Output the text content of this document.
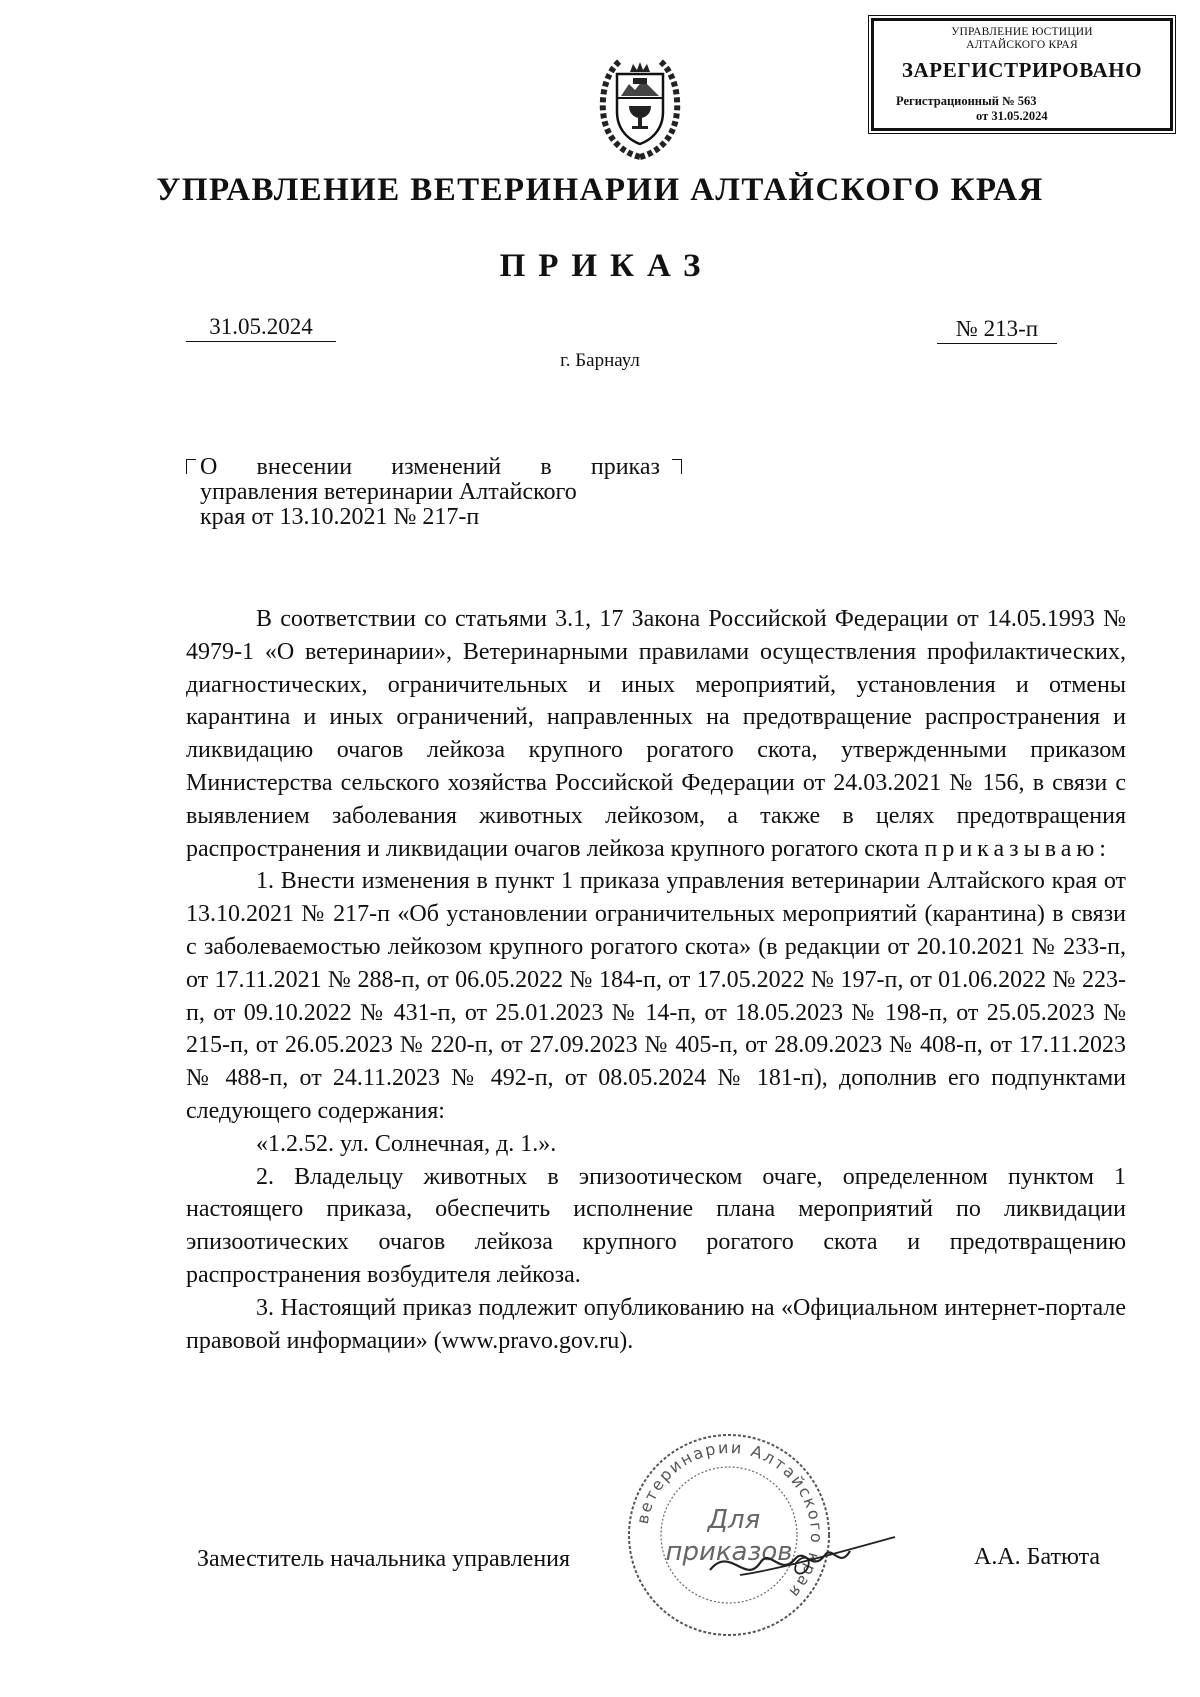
УПРАВЛЕНИЕ ЮСТИЦИИ
АЛТАЙСКОГО КРАЯ
ЗАРЕГИСТРИРОВАНО
Регистрационный № 563
от 31.05.2024
УПРАВЛЕНИЕ ВЕТЕРИНАРИИ АЛТАЙСКОГО КРАЯ
ПРИКАЗ
31.05.2024	№ 213-п
г. Барнаул
О внесении изменений в приказ
управления ветеринарии Алтайского
края от 13.10.2021 № 217-п

В соответствии со статьями 3.1, 17 Закона Российской Федерации от 14.05.1993 № 4979-1 «О ветеринарии», Ветеринарными правилами осуществления профилактических, диагностических, ограничительных и иных мероприятий, установления и отмены карантина и иных ограничений, направленных на предотвращение распространения и ликвидацию очагов лейкоза крупного рогатого скота, утвержденными приказом Министерства сельского хозяйства Российской Федерации от 24.03.2021 № 156, в связи с выявлением заболевания животных лейкозом, а также в целях предотвращения распространения и ликвидации очагов лейкоза крупного рогатого скота приказываю:

1. Внести изменения в пункт 1 приказа управления ветеринарии Алтайского края от 13.10.2021 № 217-п «Об установлении ограничительных мероприятий (карантина) в связи с заболеваемостью лейкозом крупного рогатого скота» (в редакции от 20.10.2021 № 233-п, от 17.11.2021 № 288-п, от 06.05.2022 № 184-п, от 17.05.2022 № 197-п, от 01.06.2022 № 223-п, от 09.10.2022 № 431-п, от 25.01.2023 № 14-п, от 18.05.2023 № 198-п, от 25.05.2023 № 215-п, от 26.05.2023 № 220-п, от 27.09.2023 № 405-п, от 28.09.2023 № 408-п, от 17.11.2023 № 488-п, от 24.11.2023 № 492-п, от 08.05.2024 № 181-п), дополнив его подпунктами следующего содержания:

«1.2.52. ул. Солнечная, д. 1.».

2. Владельцу животных в эпизоотическом очаге, определенном пунктом 1 настоящего приказа, обеспечить исполнение плана мероприятий по ликвидации эпизоотических очагов лейкоза крупного рогатого скота и предотвращению распространения возбудителя лейкоза.

3. Настоящий приказ подлежит опубликованию на «Официальном интернет-портале правовой информации» (www.pravo.gov.ru).

ветеринарии Алтайского края
Для
приказов
Заместитель начальника управления	А.А. Батюта
